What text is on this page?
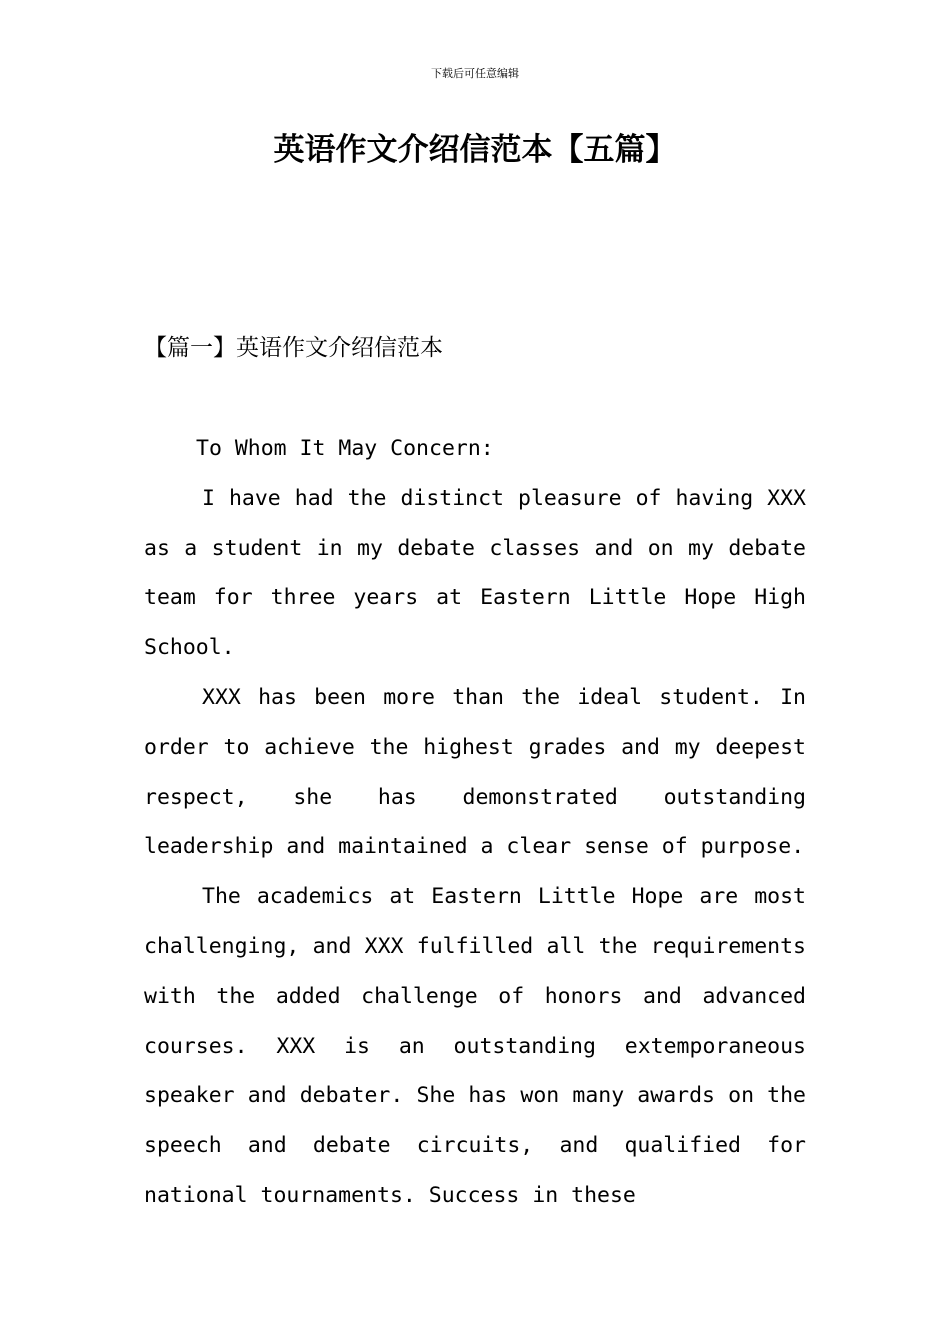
下载后可任意编辑
英语作文介绍信范本【五篇】
【篇一】英语作文介绍信范本

To Whom It May Concern:

I have had the distinct pleasure of having XXX as a student in my debate classes and on my debate team for three years at Eastern Little Hope High School.

XXX has been more than the ideal student. In order to achieve the highest grades and my deepest respect, she has demonstrated outstanding leadership and maintained a clear sense of purpose.

The academics at Eastern Little Hope are most challenging, and XXX fulfilled all the requirements with the added challenge of honors and advanced courses. XXX is an outstanding extemporaneous speaker and debater. She has won many awards on the speech and debate circuits, and qualified for national tournaments. Success in these
